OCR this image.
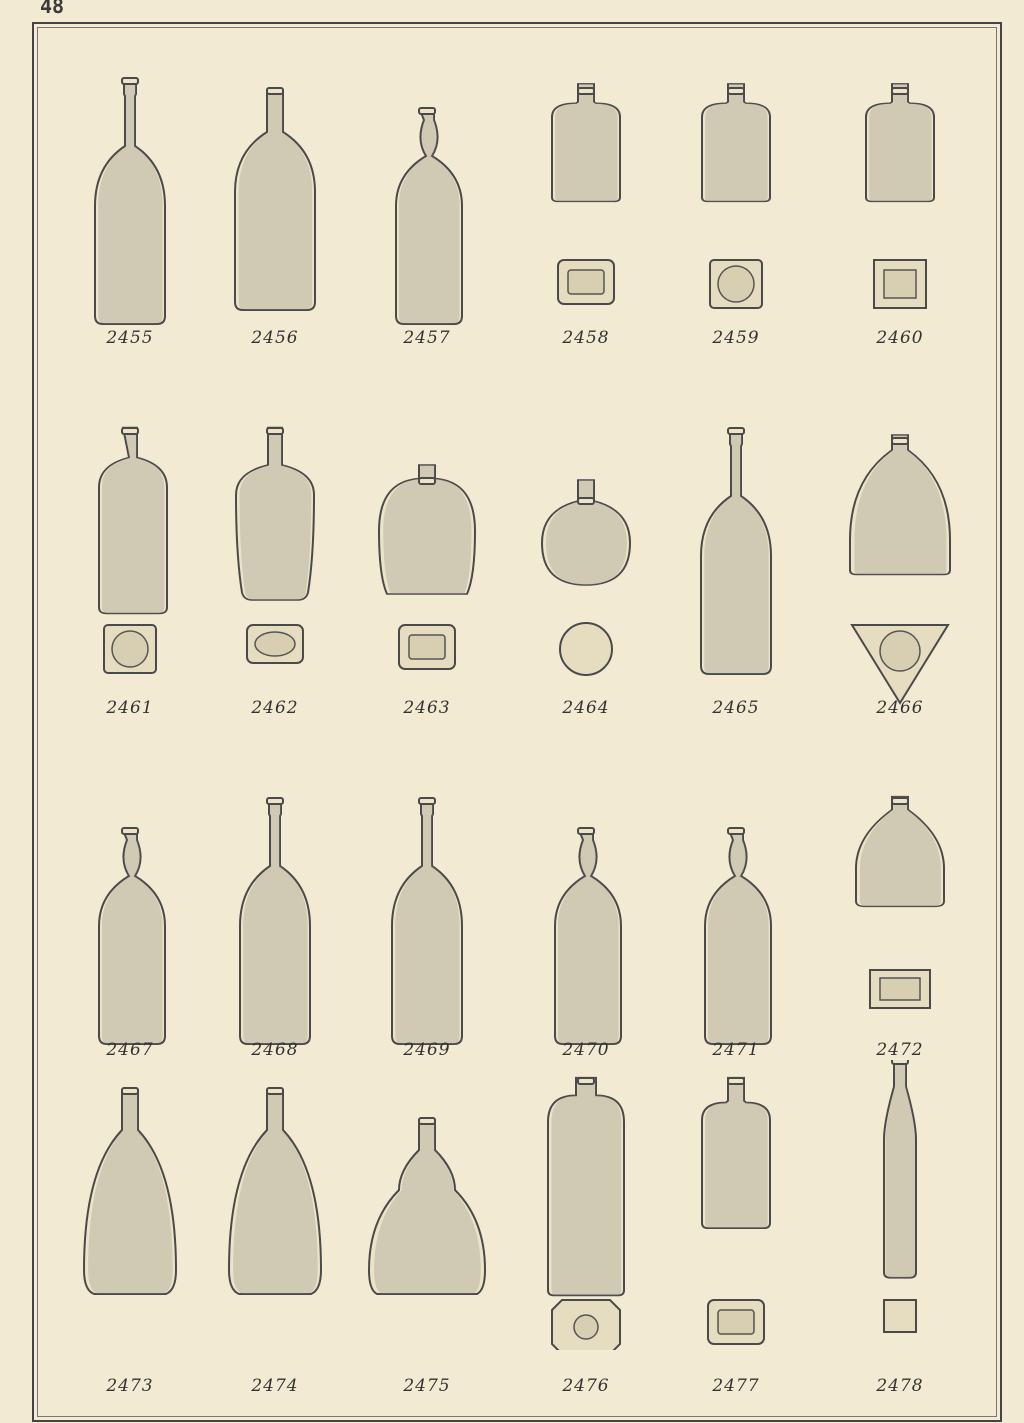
48
2455	2456	2457	2458	2459	2460
2461	2462	2463	2464	2465	2466
2467	2468	2469	2470	2471	2472
2473	2474	2475	2476	2477	2478
